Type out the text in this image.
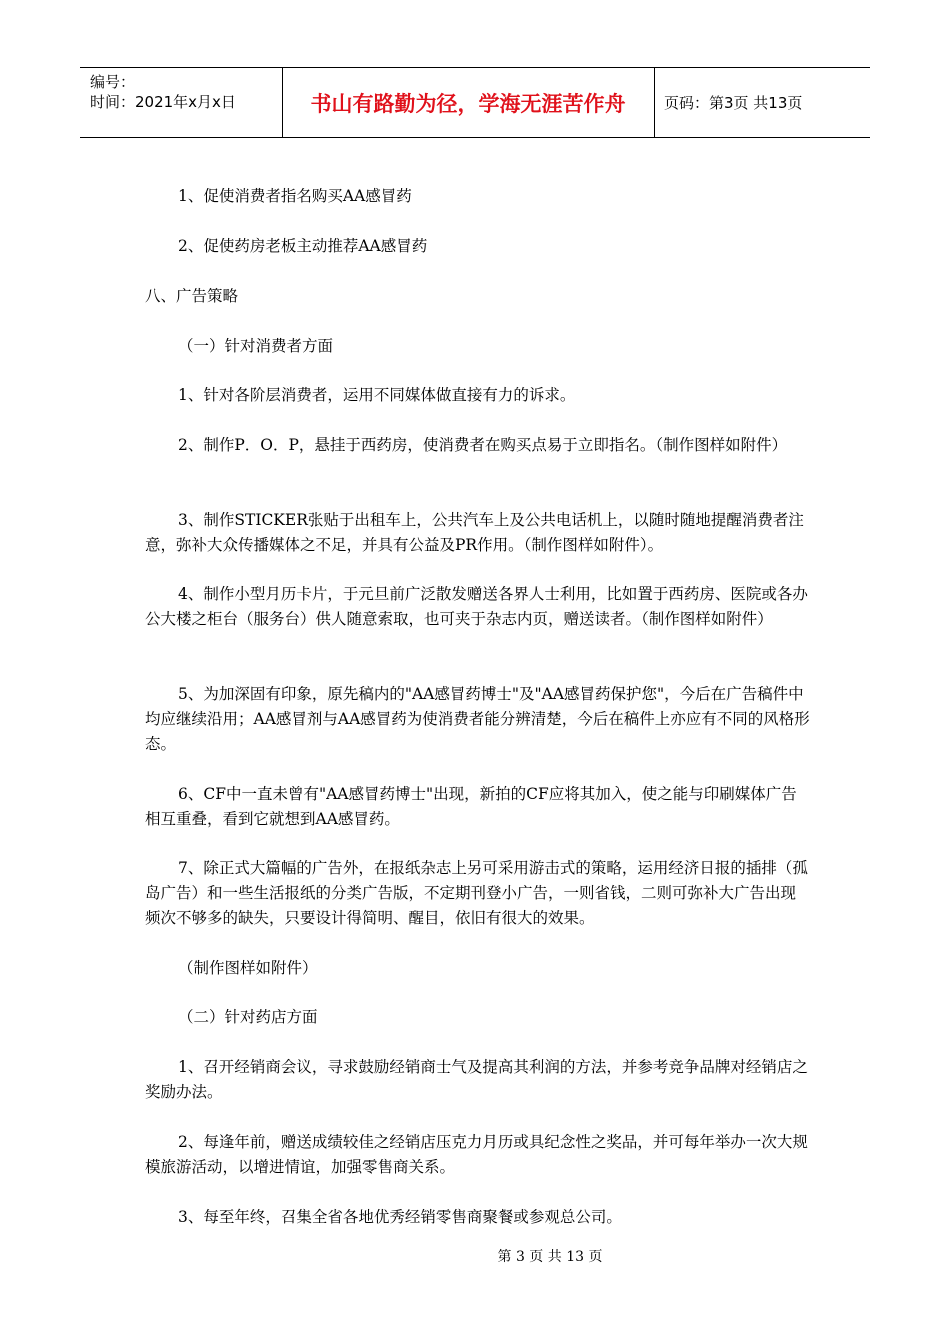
编号：
时间：2021年x月x日	书山有路勤为径，学海无涯苦作舟	页码：第3页 共13页

1、促使消费者指名购买AA感冒药

2、促使药房老板主动推荐AA感冒药

八、广告策略

（一）针对消费者方面

1、针对各阶层消费者，运用不同媒体做直接有力的诉求。

2、制作P．O．P，悬挂于西药房，使消费者在购买点易于立即指名。（制作图样如附件）

3、制作STICKER张贴于出租车上，公共汽车上及公共电话机上，以随时随地提醒消费者注意，弥补大众传播媒体之不足，并具有公益及PR作用。（制作图样如附件）。

4、制作小型月历卡片，于元旦前广泛散发赠送各界人士利用，比如置于西药房、医院或各办公大楼之柜台（服务台）供人随意索取，也可夹于杂志内页，赠送读者。（制作图样如附件）

5、为加深固有印象，原先稿内的"AA感冒药博士"及"AA感冒药保护您"，今后在广告稿件中均应继续沿用；AA感冒剂与AA感冒药为使消费者能分辨清楚，今后在稿件上亦应有不同的风格形态。

6、CF中一直未曾有"AA感冒药博士"出现，新拍的CF应将其加入，使之能与印刷媒体广告相互重叠，看到它就想到AA感冒药。

7、除正式大篇幅的广告外，在报纸杂志上另可采用游击式的策略，运用经济日报的插排（孤岛广告）和一些生活报纸的分类广告版，不定期刊登小广告，一则省钱，二则可弥补大广告出现频次不够多的缺失，只要设计得简明、醒目，依旧有很大的效果。

（制作图样如附件）

（二）针对药店方面

1、召开经销商会议，寻求鼓励经销商士气及提高其利润的方法，并参考竞争品牌对经销店之奖励办法。

2、每逢年前，赠送成绩较佳之经销店压克力月历或具纪念性之奖品，并可每年举办一次大规模旅游活动，以增进情谊，加强零售商关系。

3、每至年终，召集全省各地优秀经销零售商聚餐或参观总公司。

第 3 页 共 13 页
